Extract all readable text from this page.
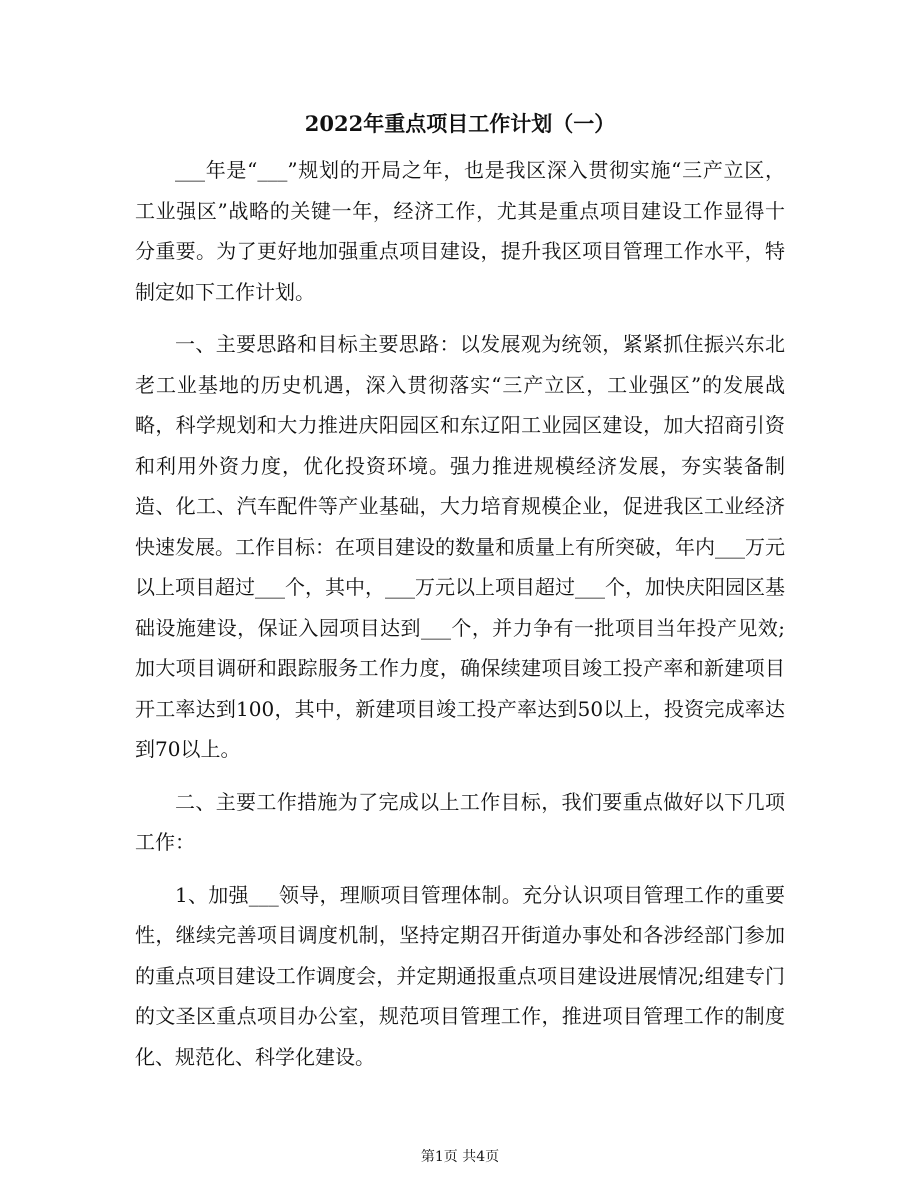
2022年重点项目工作计划（一）

___年是“___”规划的开局之年，也是我区深入贯彻实施“三产立区，工业强区”战略的关键一年，经济工作，尤其是重点项目建设工作显得十分重要。为了更好地加强重点项目建设，提升我区项目管理工作水平，特制定如下工作计划。

一、主要思路和目标主要思路：以发展观为统领，紧紧抓住振兴东北老工业基地的历史机遇，深入贯彻落实“三产立区，工业强区”的发展战略，科学规划和大力推进庆阳园区和东辽阳工业园区建设，加大招商引资和利用外资力度，优化投资环境。强力推进规模经济发展，夯实装备制造、化工、汽车配件等产业基础，大力培育规模企业，促进我区工业经济快速发展。工作目标：在项目建设的数量和质量上有所突破，年内___万元以上项目超过___个，其中，___万元以上项目超过___个，加快庆阳园区基础设施建设，保证入园项目达到___个，并力争有一批项目当年投产见效;加大项目调研和跟踪服务工作力度，确保续建项目竣工投产率和新建项目开工率达到100，其中，新建项目竣工投产率达到50以上，投资完成率达到70以上。

二、主要工作措施为了完成以上工作目标，我们要重点做好以下几项工作：

1、加强___领导，理顺项目管理体制。充分认识项目管理工作的重要性，继续完善项目调度机制，坚持定期召开街道办事处和各涉经部门参加的重点项目建设工作调度会，并定期通报重点项目建设进展情况;组建专门的文圣区重点项目办公室，规范项目管理工作，推进项目管理工作的制度化、规范化、科学化建设。

第1页 共4页
